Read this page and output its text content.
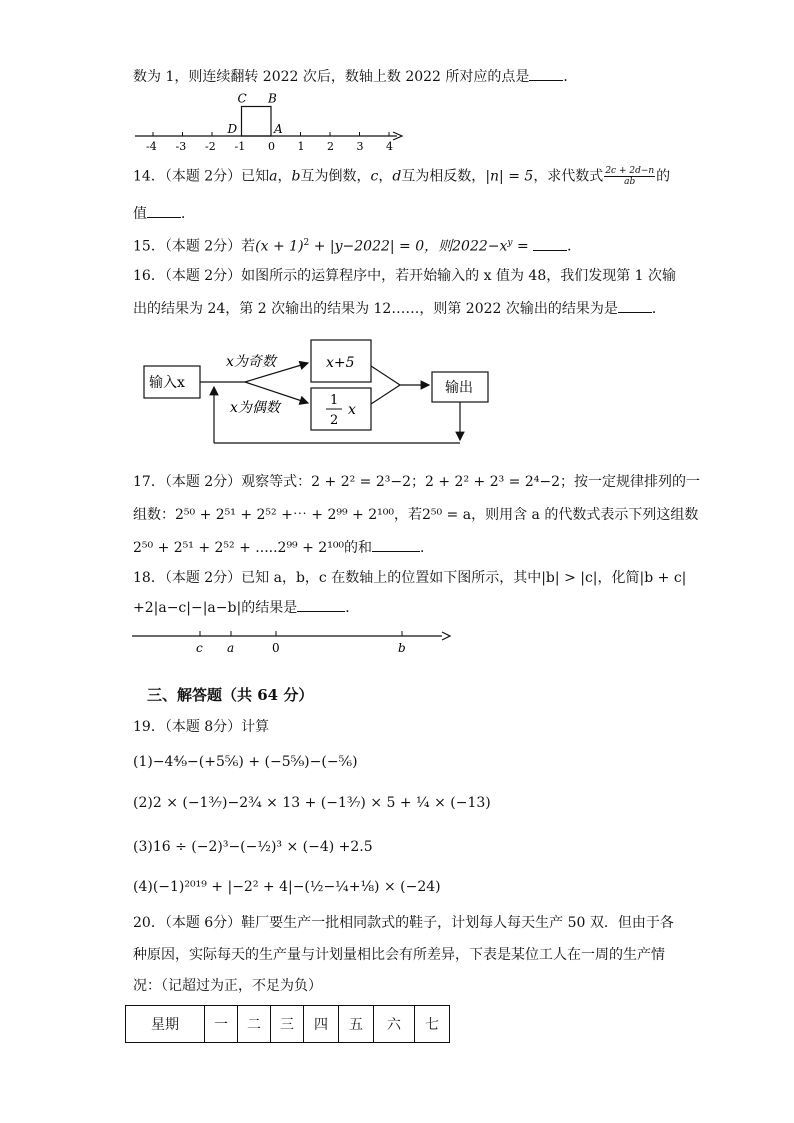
数为 1，则连续翻转 2022 次后，数轴上数 2022 所对应的点是 ．
-4 -3 -2 -1 0 1 2 3 4
C B
D	A
14．（本题 2分）已知a，b互为倒数，c，d互为相反数，|n| = 5，求代数式 $\frac{2c + 2d-n}{ab}$ 的
值 ．
15．（本题 2分）若$(x + 1)^2 + |y-2022| = 0$，则$2022-x^y$ = ．
16．（本题 2分）如图所示的运算程序中，若开始输入的 x 值为 48，我们发现第 1 次输
出的结果为 24，第 2 次输出的结果为 12……，则第 2022 次输出的结果为是 ．
输入x
x为奇数
x为偶数
x+5
1
2
x
输出
17．（本题 2分）观察等式：2 + 2² = 2³−2；2 + 2² + 2³ = 2⁴−2；按一定规律排列的一
组数：2⁵⁰ + 2⁵¹ + 2⁵² +⋯ + 2⁹⁹ + 2¹⁰⁰，若2⁵⁰ = a，则用含 a 的代数式表示下列这组数
2⁵⁰ + 2⁵¹ + 2⁵² + .....2⁹⁹ + 2¹⁰⁰的和	．
18．（本题 2分）已知 a，b，c 在数轴上的位置如下图所示，其中|b| > |c|，化简|b + c|
+2|a−c|−|a−b|的结果是	．
c a	0	b
三、解答题（共 64 分）
19．（本题 8分）计算
(1)−4⁴⁄₉−(+5⁵⁄₆) + (−5⁵⁄₉)−(−⁵⁄₆)
(2)2 × (−1³⁄₇)−2³⁄₄ × 13 + (−1³⁄₇) × 5 + ¹⁄₄ × (−13)
(3)16 ÷ (−2)³−(−½)³ × (−4) +2.5
(4)(−1)²⁰¹⁹ + |−2² + 4|−(½−¼+⅛) × (−24)
20．（本题 6分）鞋厂要生产一批相同款式的鞋子，计划每人每天生产 50 双．但由于各
种原因，实际每天的生产量与计划量相比会有所差异，下表是某位工人在一周的生产情
况：（记超过为正，不足为负）
星期	一	二	三	四	五	六	七
